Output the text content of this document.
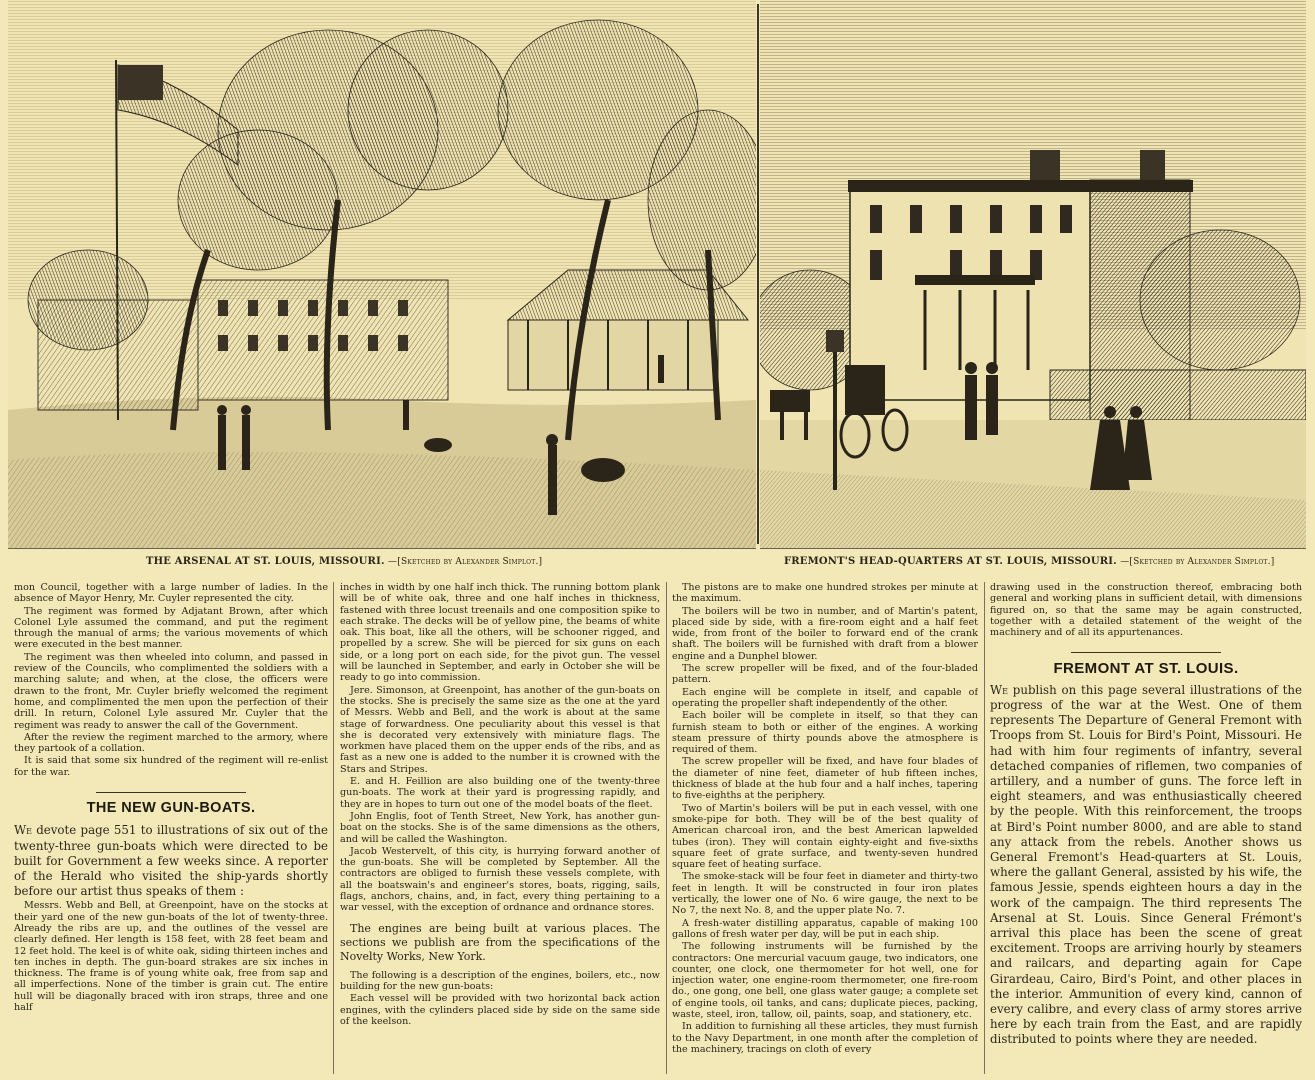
THE ARSENAL AT ST. LOUIS, MISSOURI. —[Sketched by Alexander Simplot.]	FREMONT'S HEAD-QUARTERS AT ST. LOUIS, MISSOURI. —[Sketched by Alexander Simplot.]

mon Council, together with a large number of ladies. In the absence of Mayor Henry, Mr. Cuyler represented the city.

The regiment was formed by Adjatant Brown, after which Colonel Lyle assumed the command, and put the regiment through the manual of arms; the various movements of which were executed in the best manner.

The regiment was then wheeled into column, and passed in review of the Councils, who complimented the soldiers with a marching salute; and when, at the close, the officers were drawn to the front, Mr. Cuyler briefly welcomed the regiment home, and complimented the men upon the perfection of their drill. In return, Colonel Lyle assured Mr. Cuyler that the regiment was ready to answer the call of the Government.

After the review the regiment marched to the armory, where they partook of a collation.

It is said that some six hundred of the regiment will re-enlist for the war.

THE NEW GUN-BOATS.

We devote page 551 to illustrations of six out of the twenty-three gun-boats which were directed to be built for Government a few weeks since. A reporter of the Herald who visited the ship-yards shortly before our artist thus speaks of them :

Messrs. Webb and Bell, at Greenpoint, have on the stocks at their yard one of the new gun-boats of the lot of twenty-three. Already the ribs are up, and the outlines of the vessel are clearly defined. Her length is 158 feet, with 28 feet beam and 12 feet hold. The keel is of white oak, siding thirteen inches and ten inches in depth. The gun-board strakes are six inches in thickness. The frame is of young white oak, free from sap and all imperfections. None of the timber is grain cut. The entire hull will be diagonally braced with iron straps, three and one half

inches in width by one half inch thick. The running bottom plank will be of white oak, three and one half inches in thickness, fastened with three locust treenails and one composition spike to each strake. The decks will be of yellow pine, the beams of white oak. This boat, like all the others, will be schooner rigged, and propelled by a screw. She will be pierced for six guns on each side, or a long port on each side, for the pivot gun. The vessel will be launched in September, and early in October she will be ready to go into commission.

Jere. Simonson, at Greenpoint, has another of the gun-boats on the stocks. She is precisely the same size as the one at the yard of Messrs. Webb and Bell, and the work is about at the same stage of forwardness. One peculiarity about this vessel is that she is decorated very extensively with miniature flags. The workmen have placed them on the upper ends of the ribs, and as fast as a new one is added to the number it is crowned with the Stars and Stripes.

E. and H. Feillion are also building one of the twenty-three gun-boats. The work at their yard is progressing rapidly, and they are in hopes to turn out one of the model boats of the fleet.

John Englis, foot of Tenth Street, New York, has another gun-boat on the stocks. She is of the same dimensions as the others, and will be called the Washington.

Jacob Westervelt, of this city, is hurrying forward another of the gun-boats. She will be completed by September. All the contractors are obliged to furnish these vessels complete, with all the boatswain's and engineer's stores, boats, rigging, sails, flags, anchors, chains, and, in fact, every thing pertaining to a war vessel, with the exception of ordnance and ordnance stores.

The engines are being built at various places. The sections we publish are from the specifications of the Novelty Works, New York.

The following is a description of the engines, boilers, etc., now building for the new gun-boats:

Each vessel will be provided with two horizontal back action engines, with the cylinders placed side by side on the same side of the keelson.

The pistons are to make one hundred strokes per minute at the maximum.

The boilers will be two in number, and of Martin's patent, placed side by side, with a fire-room eight and a half feet wide, from front of the boiler to forward end of the crank shaft. The boilers will be furnished with draft from a blower engine and a Dunphel blower.

The screw propeller will be fixed, and of the four-bladed pattern.

Each engine will be complete in itself, and capable of operating the propeller shaft independently of the other.

Each boiler will be complete in itself, so that they can furnish steam to both or either of the engines. A working steam pressure of thirty pounds above the atmosphere is required of them.

The screw propeller will be fixed, and have four blades of the diameter of nine feet, diameter of hub fifteen inches, thickness of blade at the hub four and a half inches, tapering to five-eighths at the periphery.

Two of Martin's boilers will be put in each vessel, with one smoke-pipe for both. They will be of the best quality of American charcoal iron, and the best American lapwelded tubes (iron). They will contain eighty-eight and five-sixths square feet of grate surface, and twenty-seven hundred square feet of heating surface.

The smoke-stack will be four feet in diameter and thirty-two feet in length. It will be constructed in four iron plates vertically, the lower one of No. 6 wire gauge, the next to be No 7, the next No. 8, and the upper plate No. 7.

A fresh-water distilling apparatus, capable of making 100 gallons of fresh water per day, will be put in each ship.

The following instruments will be furnished by the contractors: One mercurial vacuum gauge, two indicators, one counter, one clock, one thermometer for hot well, one for injection water, one engine-room thermometer, one fire-room do., one gong, one bell, one glass water gauge; a complete set of engine tools, oil tanks, and cans; duplicate pieces, packing, waste, steel, iron, tallow, oil, paints, soap, and stationery, etc.

In addition to furnishing all these articles, they must furnish to the Navy Department, in one month after the completion of the machinery, tracings on cloth of every

drawing used in the construction thereof, embracing both general and working plans in sufficient detail, with dimensions figured on, so that the same may be again constructed, together with a detailed statement of the weight of the machinery and of all its appurtenances.

FREMONT AT ST. LOUIS.

We publish on this page several illustrations of the progress of the war at the West. One of them represents The Departure of General Fremont with Troops from St. Louis for Bird's Point, Missouri. He had with him four regiments of infantry, several detached companies of riflemen, two companies of artillery, and a number of guns. The force left in eight steamers, and was enthusiastically cheered by the people. With this reinforcement, the troops at Bird's Point number 8000, and are able to stand any attack from the rebels. Another shows us General Fremont's Head-quarters at St. Louis, where the gallant General, assisted by his wife, the famous Jessie, spends eighteen hours a day in the work of the campaign. The third represents The Arsenal at St. Louis. Since General Frémont's arrival this place has been the scene of great excitement. Troops are arriving hourly by steamers and railcars, and departing again for Cape Girardeau, Cairo, Bird's Point, and other places in the interior. Ammunition of every kind, cannon of every calibre, and every class of army stores arrive here by each train from the East, and are rapidly distributed to points where they are needed.
